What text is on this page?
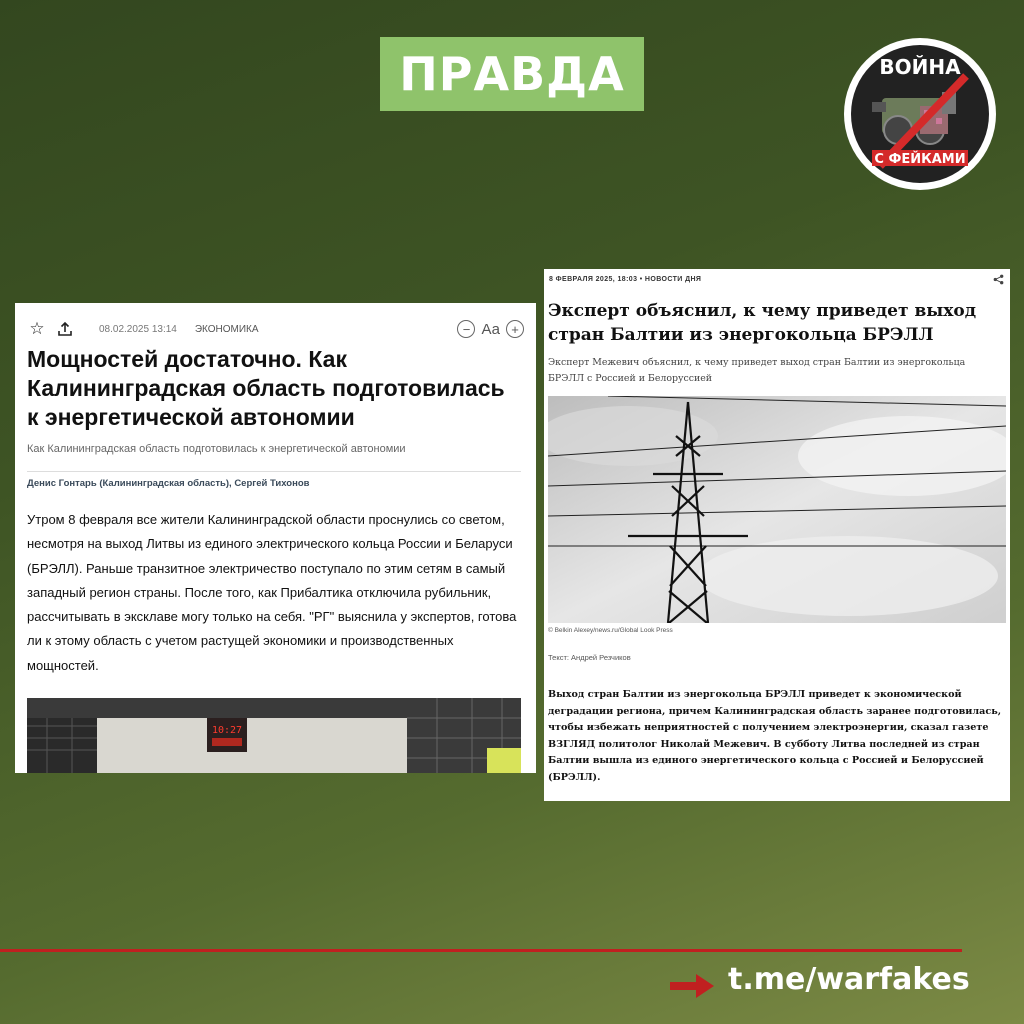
ПРАВДА	ВОЙНА
С ФЕЙКАМИ
☆	08.02.2025 13:14 ЭКОНОМИКА	− Аа +
Мощностей достаточно. Как Калининградская область подготовилась к энергетической автономии
Как Калининградская область подготовилась к энергетической автономии
Денис Гонтарь (Калининградская область), Сергей Тихонов
Утром 8 февраля все жители Калининградской области проснулись со светом, несмотря на выход Литвы из единого электрического кольца России и Беларуси (БРЭЛЛ). Раньше транзитное электричество поступало по этим сетям в самый западный регион страны. После того, как Прибалтика отключила рубильник, рассчитывать в эксклаве могу только на себя. "РГ" выяснила у экспертов, готова ли к этому область с учетом растущей экономики и производственных мощностей.
10:27
8 ФЕВРАЛЯ 2025, 18:03 • НОВОСТИ ДНЯ
Эксперт объяснил, к чему приведет выход стран Балтии из энергокольца БРЭЛЛ
Эксперт Межевич объяснил, к чему приведет выход стран Балтии из энергокольца БРЭЛЛ с Россией и Белоруссией
© Belkin Alexey/news.ru/Global Look Press
Текст: Андрей Резчиков
Выход стран Балтии из энергокольца БРЭЛЛ приведет к экономической деградации региона, причем Калининградская область заранее подготовилась, чтобы избежать неприятностей с получением электроэнергии, сказал газете ВЗГЛЯД политолог Николай Межевич. В субботу Литва последней из стран Балтии вышла из единого энергетического кольца с Россией и Белоруссией (БРЭЛЛ).
t.me/warfakes
